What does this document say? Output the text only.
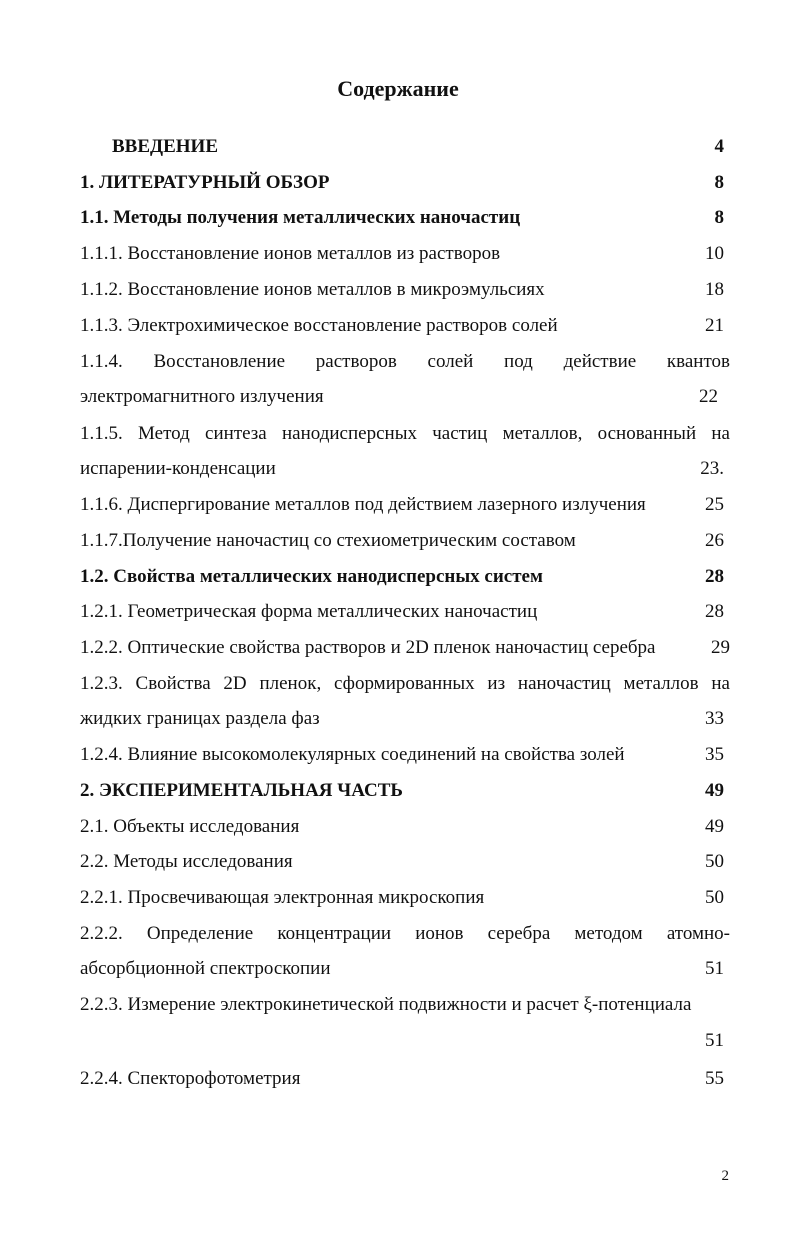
Содержание
ВВЕДЕНИЕ	4
1. ЛИТЕРАТУРНЫЙ ОБЗОР	8
1.1. Методы получения металлических наночастиц	8
1.1.1. Восстановление ионов металлов из растворов	10
1.1.2. Восстановление ионов металлов в микроэмульсиях	18
1.1.3. Электрохимическое восстановление растворов солей	21
1.1.4. Восстановление растворов солей под действие квантов
электромагнитного излучения	22
1.1.5. Метод синтеза нанодисперсных частиц металлов, основанный на
испарении-конденсации	23.
1.1.6. Диспергирование металлов под действием лазерного излучения	25
1.1.7.Получение наночастиц со стехиометрическим составом	26
1.2. Свойства металлических нанодисперсных систем	28
1.2.1. Геометрическая форма металлических наночастиц	28
1.2.2. Оптические свойства растворов и 2D пленок наночастиц серебра	29
1.2.3. Свойства 2D пленок, сформированных из наночастиц металлов на
жидких границах раздела фаз	33
1.2.4. Влияние высокомолекулярных соединений на свойства золей	35
2. ЭКСПЕРИМЕНТАЛЬНАЯ ЧАСТЬ	49
2.1. Объекты исследования	49
2.2. Методы исследования	50
2.2.1. Просвечивающая электронная микроскопия	50
2.2.2. Определение концентрации ионов серебра методом атомно-
абсорбционной спектроскопии	51
2.2.3. Измерение электрокинетической подвижности и расчет ξ-потенциала
51
2.2.4. Спекторофотометрия	55
2
